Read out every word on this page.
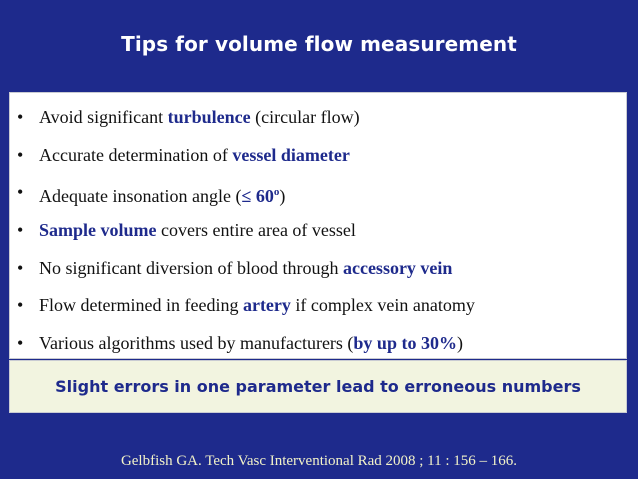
Tips for volume flow measurement
• Avoid significant turbulence (circular flow)
• Accurate determination of vessel diameter
• Adequate insonation angle (≤ $60^o$)
• Sample volume covers entire area of vessel
• No significant diversion of blood through accessory vein
• Flow determined in feeding artery if complex vein anatomy
• Various algorithms used by manufacturers (by up to 30%)
Slight errors in one parameter lead to erroneous numbers
Gelbfish GA. Tech Vasc Interventional Rad 2008 ; 11 : 156 – 166.
